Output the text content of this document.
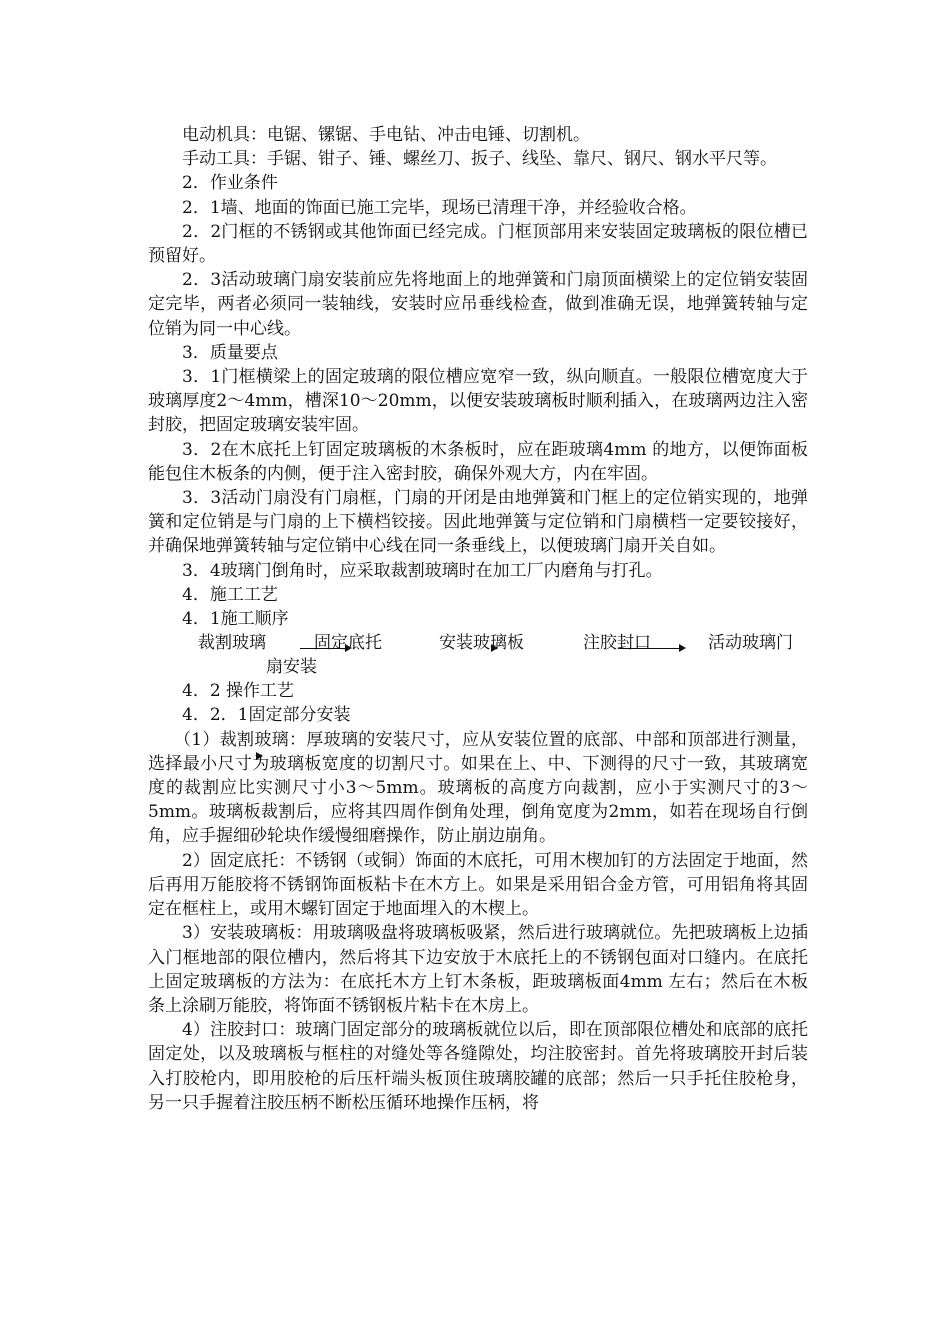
电动机具：电锯、镙锯、手电钻、冲击电锤、切割机。

手动工具：手锯、钳子、锤、螺丝刀、扳子、线坠、靠尺、钢尺、钢水平尺等。

2．作业条件

2．1墙、地面的饰面已施工完毕，现场已清理干净，并经验收合格。

2．2门框的不锈钢或其他饰面已经完成。门框顶部用来安装固定玻璃板的限位槽已预留好。

2．3活动玻璃门扇安装前应先将地面上的地弹簧和门扇顶面横梁上的定位销安装固定完毕，两者必须同一装轴线，安装时应吊垂线检查，做到准确无误，地弹簧转轴与定位销为同一中心线。

3．质量要点

3．1门框横梁上的固定玻璃的限位槽应宽窄一致，纵向顺直。一般限位槽宽度大于玻璃厚度2～4mm，槽深10～20mm，以便安装玻璃板时顺利插入，在玻璃两边注入密封胶，把固定玻璃安装牢固。

3．2在木底托上钉固定玻璃板的木条板时，应在距玻璃4mm 的地方，以便饰面板能包住木板条的内侧，便于注入密封胶，确保外观大方，内在牢固。

3．3活动门扇没有门扇框，门扇的开闭是由地弹簧和门框上的定位销实现的，地弹簧和定位销是与门扇的上下横档铰接。因此地弹簧与定位销和门扇横档一定要铰接好，并确保地弹簧转轴与定位销中心线在同一条垂线上，以便玻璃门扇开关自如。

3．4玻璃门倒角时，应采取裁割玻璃时在加工厂内磨角与打孔。

4．施工工艺

4．1施工顺序

裁割玻璃	固定底托	安装玻璃板	注胶封口	活动玻璃门
扇安装

4．2 操作工艺

4．2．1固定部分安装

（1）裁割玻璃：厚玻璃的安装尺寸，应从安装位置的底部、中部和顶部进行测量，选择最小尺寸为玻璃板宽度的切割尺寸。如果在上、中、下测得的尺寸一致，其玻璃宽度的裁割应比实测尺寸小3～5mm。玻璃板的高度方向裁割，应小于实测尺寸的3～5mm。玻璃板裁割后，应将其四周作倒角处理，倒角宽度为2mm，如若在现场自行倒角，应手握细砂轮块作缓慢细磨操作，防止崩边崩角。

2）固定底托：不锈钢（或铜）饰面的木底托，可用木楔加钉的方法固定于地面，然后再用万能胶将不锈钢饰面板粘卡在木方上。如果是采用铝合金方管，可用铝角将其固定在框柱上，或用木螺钉固定于地面埋入的木楔上。

3）安装玻璃板：用玻璃吸盘将玻璃板吸紧，然后进行玻璃就位。先把玻璃板上边插入门框地部的限位槽内，然后将其下边安放于木底托上的不锈钢包面对口缝内。在底托上固定玻璃板的方法为：在底托木方上钉木条板，距玻璃板面4mm 左右；然后在木板条上涂刷万能胶，将饰面不锈钢板片粘卡在木房上。

4）注胶封口：玻璃门固定部分的玻璃板就位以后，即在顶部限位槽处和底部的底托固定处，以及玻璃板与框柱的对缝处等各缝隙处，均注胶密封。首先将玻璃胶开封后装入打胶枪内，即用胶枪的后压杆端头板顶住玻璃胶罐的底部；然后一只手托住胶枪身，另一只手握着注胶压柄不断松压循环地操作压柄，将
